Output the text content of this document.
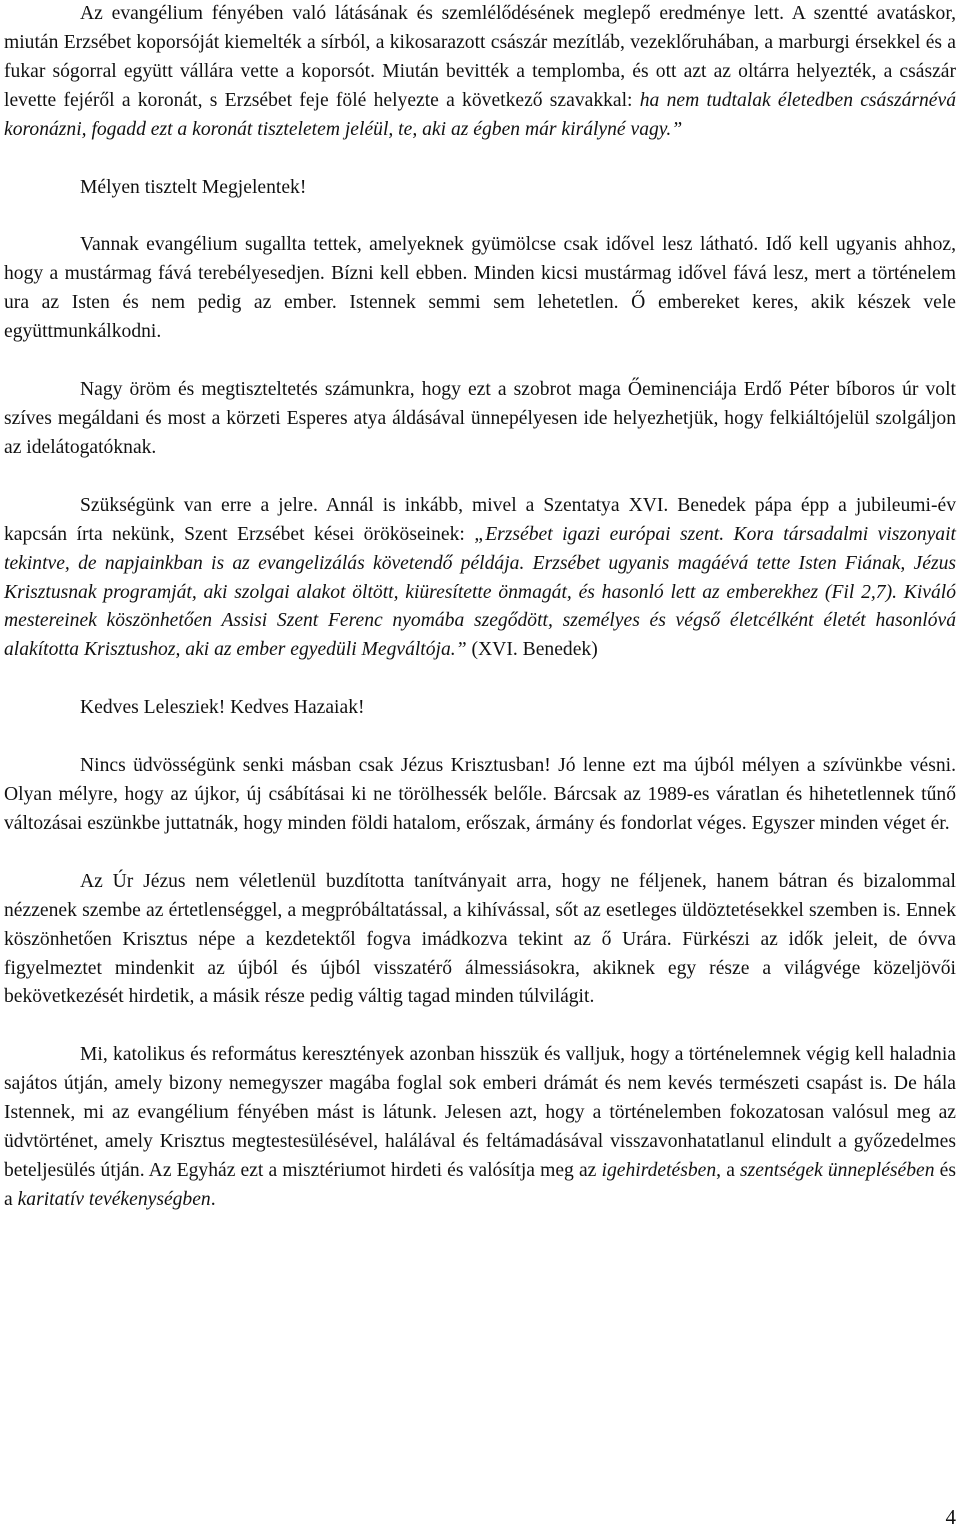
Az evangélium fényében való látásának és szemlélődésének meglepő eredménye lett. A szentté avatáskor, miután Erzsébet koporsóját kiemelték a sírból, a kikosarazott császár mezítláb, vezeklőruhában, a marburgi érsekkel és a fukar sógorral együtt vállára vette a koporsót. Miután bevitték a templomba, és ott azt az oltárra helyezték, a császár levette fejéről a koronát, s Erzsébet feje fölé helyezte a következő szavakkal: ha nem tudtalak életedben császárnévá koronázni, fogadd ezt a koronát tiszteletem jeléül, te, aki az égben már királyné vagy.”

Mélyen tisztelt Megjelentek!

Vannak evangélium sugallta tettek, amelyeknek gyümölcse csak idővel lesz látható. Idő kell ugyanis ahhoz, hogy a mustármag fává terebélyesedjen. Bízni kell ebben. Minden kicsi mustármag idővel fává lesz, mert a történelem ura az Isten és nem pedig az ember. Istennek semmi sem lehetetlen. Ő embereket keres, akik készek vele együttmunkálkodni.

Nagy öröm és megtiszteltetés számunkra, hogy ezt a szobrot maga Őeminenciája Erdő Péter bíboros úr volt szíves megáldani és most a körzeti Esperes atya áldásával ünnepélyesen ide helyezhetjük, hogy felkiáltójelül szolgáljon az idelátogatóknak.

Szükségünk van erre a jelre. Annál is inkább, mivel a Szentatya XVI. Benedek pápa épp a jubileumi-év kapcsán írta nekünk, Szent Erzsébet kései örököseinek: „Erzsébet igazi európai szent. Kora társadalmi viszonyait tekintve, de napjainkban is az evangelizálás követendő példája. Erzsébet ugyanis magáévá tette Isten Fiának, Jézus Krisztusnak programját, aki szolgai alakot öltött, kiüresítette önmagát, és hasonló lett az emberekhez (Fil 2,7). Kiváló mestereinek köszönhetően Assisi Szent Ferenc nyomába szegődött, személyes és végső életcélként életét hasonlóvá alakította Krisztushoz, aki az ember egyedüli Megváltója.” (XVI. Benedek)

Kedves Lelesziek! Kedves Hazaiak!

Nincs üdvösségünk senki másban csak Jézus Krisztusban! Jó lenne ezt ma újból mélyen a szívünkbe vésni. Olyan mélyre, hogy az újkor, új csábításai ki ne törölhessék belőle. Bárcsak az 1989-es váratlan és hihetetlennek tűnő változásai eszünkbe juttatnák, hogy minden földi hatalom, erőszak, ármány és fondorlat véges. Egyszer minden véget ér.

Az Úr Jézus nem véletlenül buzdította tanítványait arra, hogy ne féljenek, hanem bátran és bizalommal nézzenek szembe az értetlenséggel, a megpróbáltatással, a kihívással, sőt az esetleges üldöztetésekkel szemben is. Ennek köszönhetően Krisztus népe a kezdetektől fogva imádkozva tekint az ő Urára. Fürkészi az idők jeleit, de óvva figyelmeztet mindenkit az újból és újból visszatérő álmessiásokra, akiknek egy része a világvége közeljövői bekövetkezését hirdetik, a másik része pedig váltig tagad minden túlvilágit.

Mi, katolikus és református keresztények azonban hisszük és valljuk, hogy a történelemnek végig kell haladnia sajátos útján, amely bizony nemegyszer magába foglal sok emberi drámát és nem kevés természeti csapást is. De hála Istennek, mi az evangélium fényében mást is látunk. Jelesen azt, hogy a történelemben fokozatosan valósul meg az üdvtörténet, amely Krisztus megtestesülésével, halálával és feltámadásával visszavonhatatlanul elindult a győzedelmes beteljesülés útján. Az Egyház ezt a misztériumot hirdeti és valósítja meg az igehirdetésben, a szentségek ünneplésében és a karitatív tevékenységben.

4
